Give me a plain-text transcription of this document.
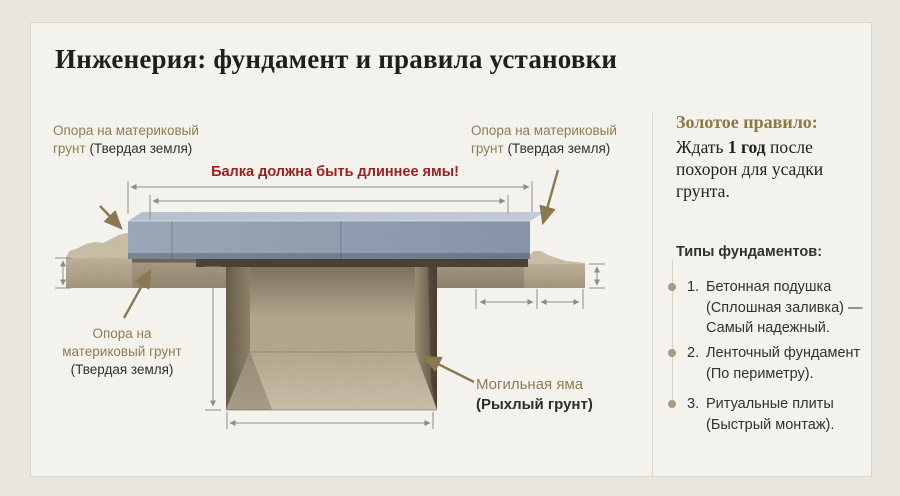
Инженерия: фундамент и правила установки
Опора на материковый
грунт (Твердая земля)
Опора на материковый
грунт (Твердая земля)
Балка должна быть длиннее ямы!
Опора на
материковый грунт
(Твердая земля)
Могильная яма
(Рыхлый грунт)
Золотое правило:
Ждать 1 год после похорон для усадки грунта.
Типы фундаментов:
1. Бетонная подушка
(Сплошная заливка) —
Самый надежный.
2. Ленточный фундамент
(По периметру).
3. Ритуальные плиты
(Быстрый монтаж).
